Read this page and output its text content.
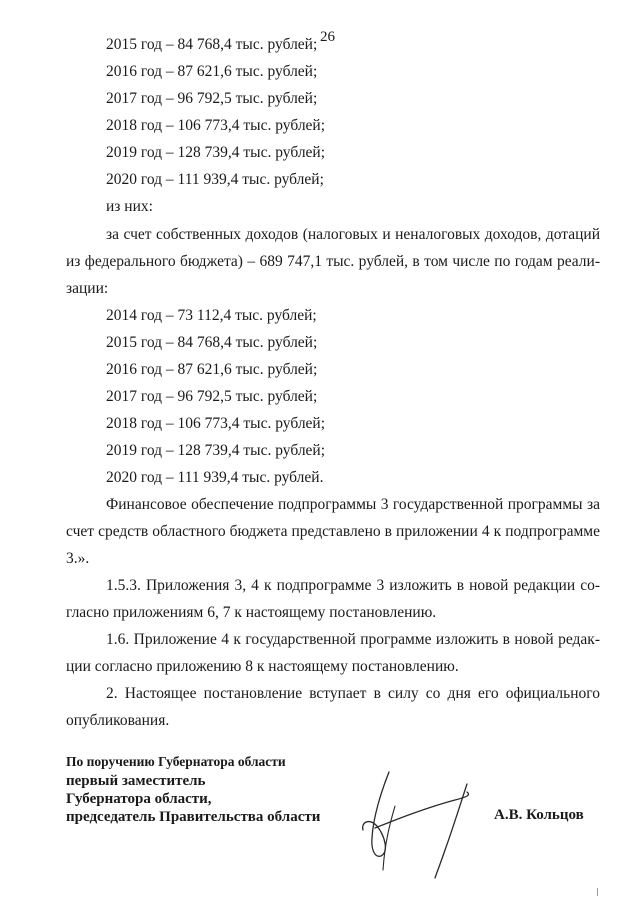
26
2015 год – 84 768,4 тыс. рублей;
2016 год – 87 621,6 тыс. рублей;
2017 год – 96 792,5 тыс. рублей;
2018 год – 106 773,4 тыс. рублей;
2019 год – 128 739,4 тыс. рублей;
2020 год – 111 939,4 тыс. рублей;
из них:
за счет собственных доходов (налоговых и неналоговых доходов, дотаций
из федерального бюджета) – 689 747,1 тыс. рублей, в том числе по годам реали-
зации:
2014 год – 73 112,4 тыс. рублей;
2015 год – 84 768,4 тыс. рублей;
2016 год – 87 621,6 тыс. рублей;
2017 год – 96 792,5 тыс. рублей;
2018 год – 106 773,4 тыс. рублей;
2019 год – 128 739,4 тыс. рублей;
2020 год – 111 939,4 тыс. рублей.
Финансовое обеспечение подпрограммы 3 государственной программы за
счет средств областного бюджета представлено в приложении 4 к подпрограмме
3.».
1.5.3. Приложения 3, 4 к подпрограмме 3 изложить в новой редакции со-
гласно приложениям 6, 7 к настоящему постановлению.
1.6. Приложение 4 к государственной программе изложить в новой редак-
ции согласно приложению 8 к настоящему постановлению.
2. Настоящее постановление вступает в силу со дня его официального
опубликования.
По поручению Губернатора области
первый заместитель
Губернатора области,
председатель Правительства области	А.В. Кольцов
